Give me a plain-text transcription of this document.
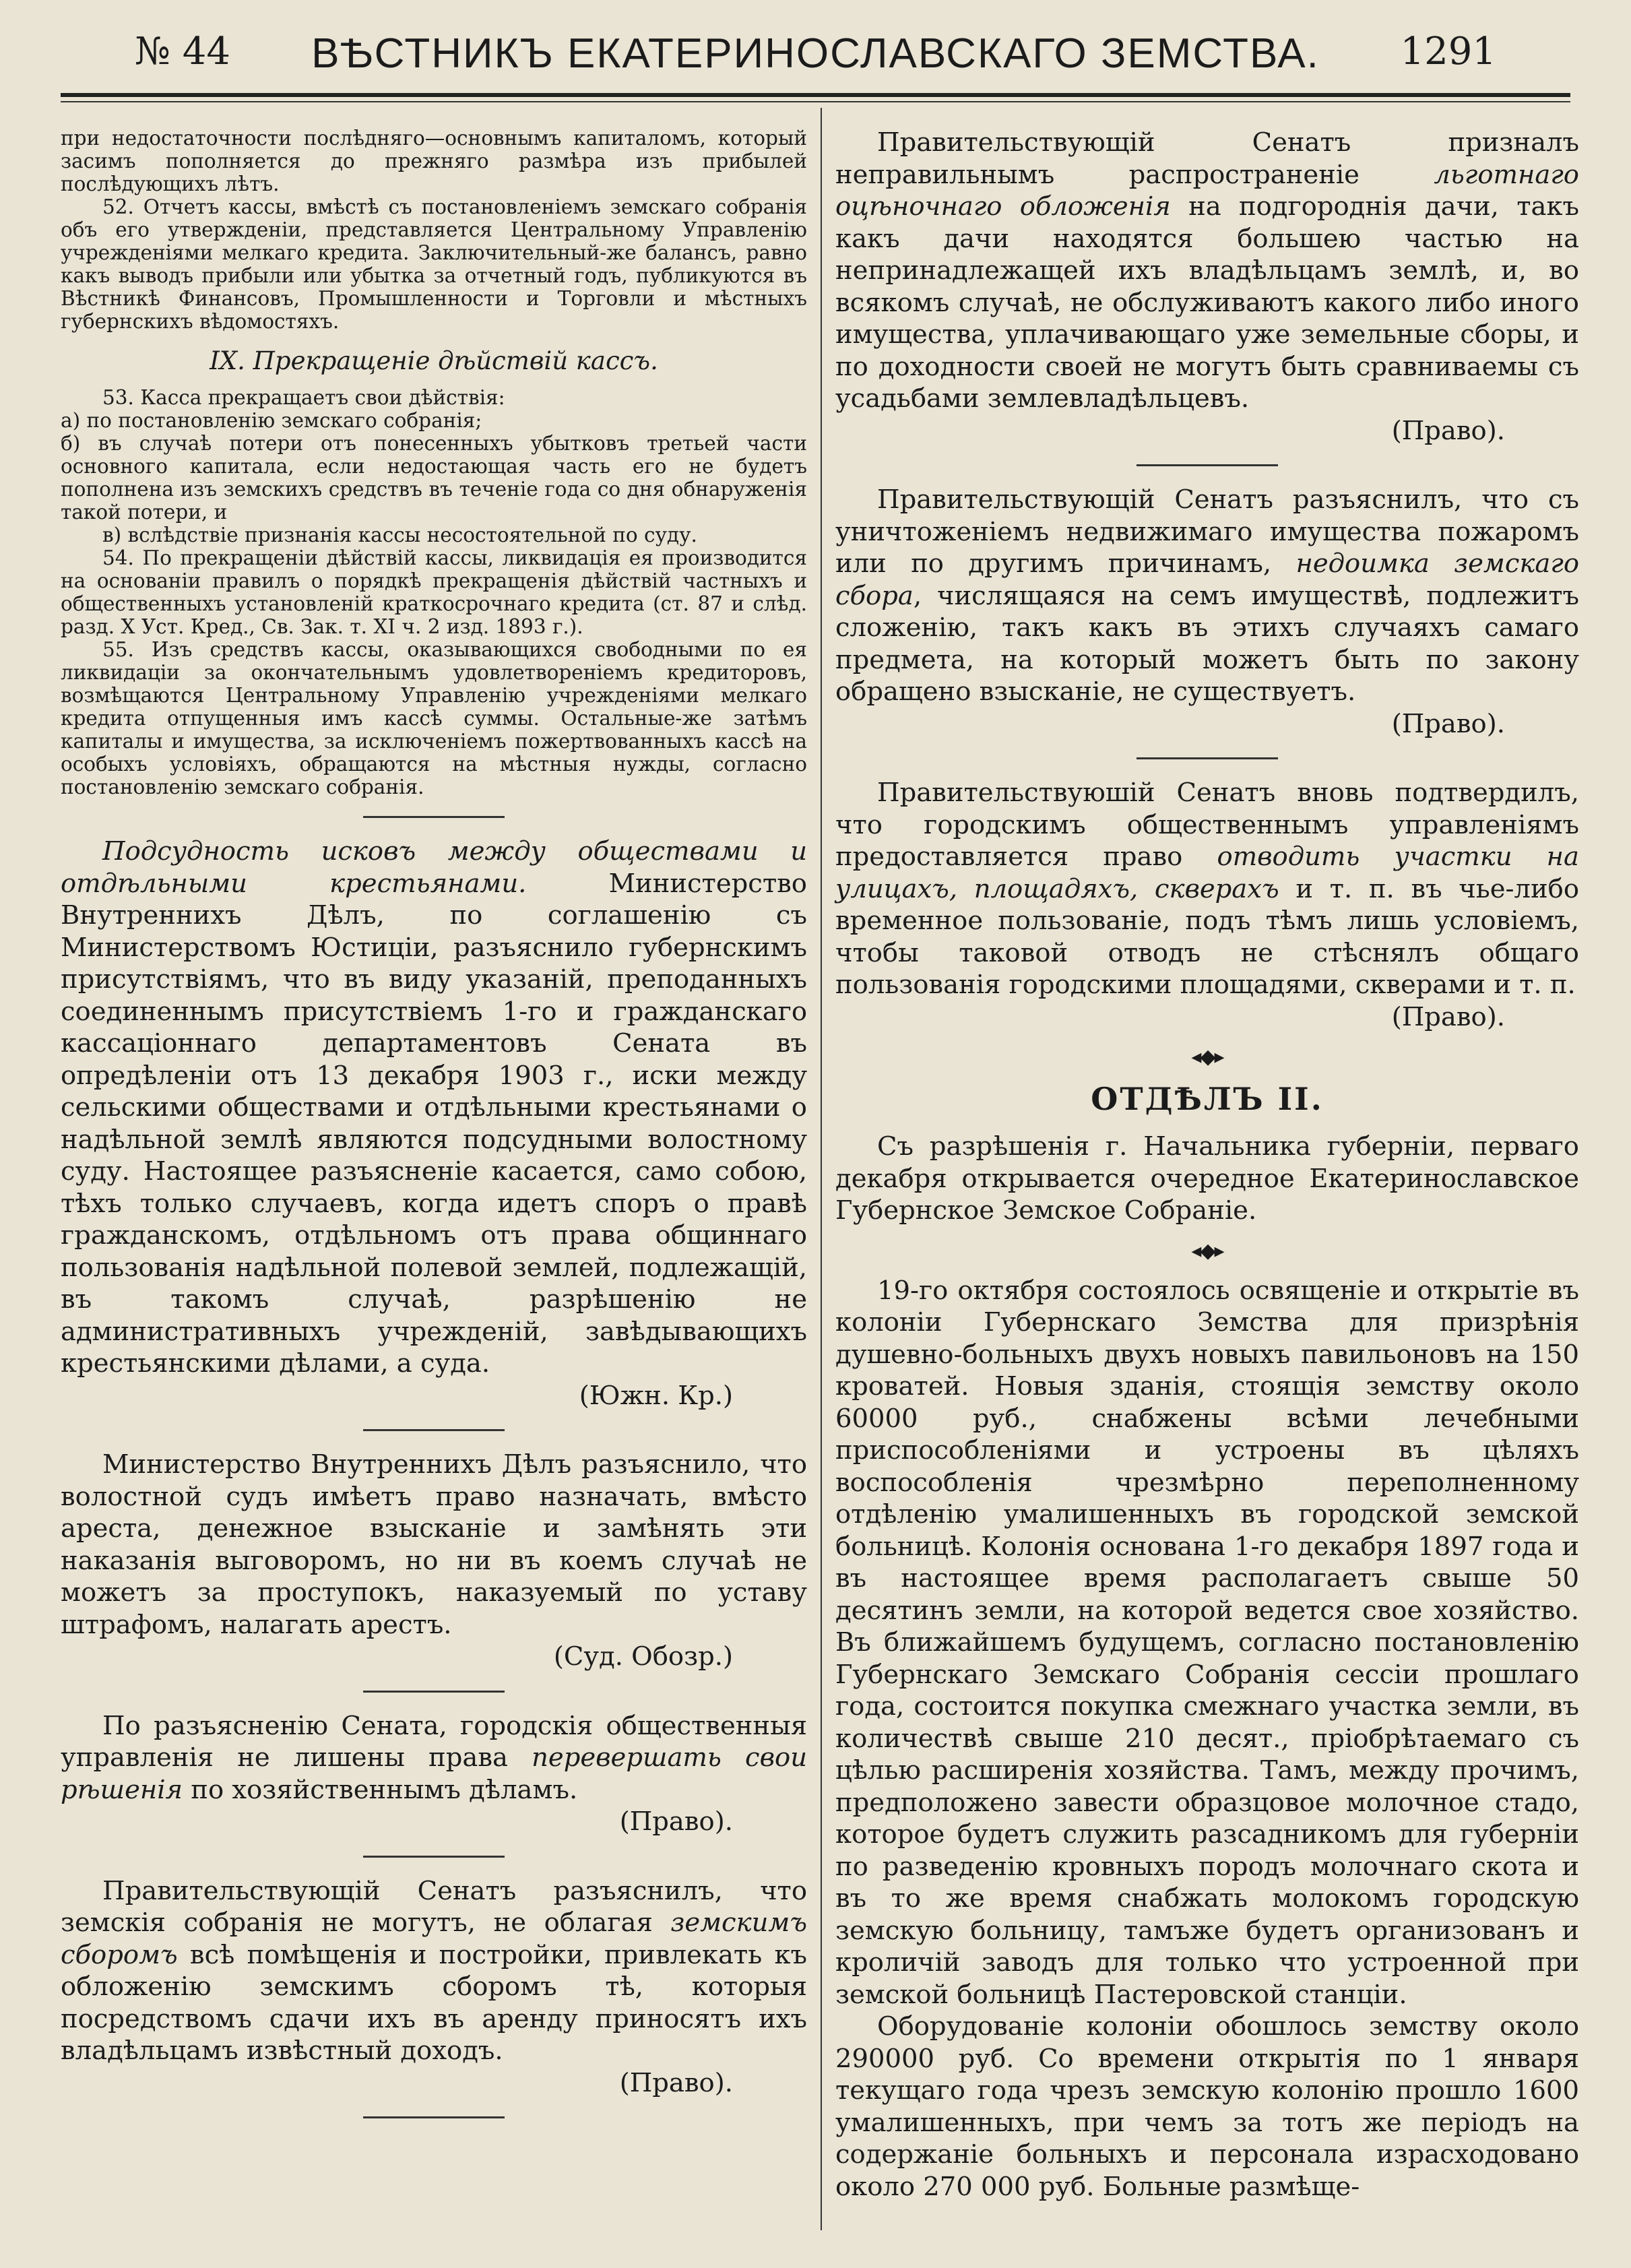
№ 44	ВѢСТНИКЪ ЕКАТЕРИНОСЛАВСКАГО ЗЕМСТВА.	1291

при недостаточности послѣдняго—основнымъ капиталомъ, который засимъ пополняется до прежняго размѣра изъ прибылей послѣдующихъ лѣтъ.

52. Отчетъ кассы, вмѣстѣ съ постановленіемъ земскаго собранія объ его утвержденіи, представляется Центральному Управленію учрежденіями мелкаго кредита. Заключительный-же балансъ, равно какъ выводъ прибыли или убытка за отчетный годъ, публикуются въ Вѣстникѣ Финансовъ, Промышленности и Торговли и мѣстныхъ губернскихъ вѣдомостяхъ.

IX. Прекращеніе дѣйствій кассъ.

53. Касса прекращаетъ свои дѣйствія:

а) по постановленію земскаго собранія;

б) въ случаѣ потери отъ понесенныхъ убытковъ третьей части основного капитала, если недостающая часть его не будетъ пополнена изъ земскихъ средствъ въ теченіе года со дня обнаруженія такой потери, и

в) вслѣдствіе признанія кассы несостоятельной по суду.

54. По прекращеніи дѣйствій кассы, ликвидація ея производится на основаніи правилъ о порядкѣ прекращенія дѣйствій частныхъ и общественныхъ установленій краткосрочнаго кредита (ст. 87 и слѣд. разд. X Уст. Кред., Св. Зак. т. XI ч. 2 изд. 1893 г.).

55. Изъ средствъ кассы, оказывающихся свободными по ея ликвидаціи за окончательнымъ удовлетвореніемъ кредиторовъ, возмѣщаются Центральному Управленію учрежденіями мелкаго кредита отпущенныя имъ кассѣ суммы. Остальные-же затѣмъ капиталы и имущества, за исключеніемъ пожертвованныхъ кассѣ на особыхъ условіяхъ, обращаются на мѣстныя нужды, согласно постановленію земскаго собранія.

Подсудность исковъ между обществами и отдѣльными крестьянами. Министерство Внутреннихъ Дѣлъ, по соглашенію съ Министерствомъ Юстиціи, разъяснило губернскимъ присутствіямъ, что въ виду указаній, преподанныхъ соединеннымъ присутствіемъ 1-го и гражданскаго кассаціоннаго департаментовъ Сената въ опредѣленіи отъ 13 декабря 1903 г., иски между сельскими обществами и отдѣльными крестьянами о надѣльной землѣ являются подсудными волостному суду. Настоящее разъясненіе касается, само собою, тѣхъ только случаевъ, когда идетъ споръ о правѣ гражданскомъ, отдѣльномъ отъ права общиннаго пользованія надѣльной полевой землей, подлежащій, въ такомъ случаѣ, разрѣшенію не административныхъ учрежденій, завѣдывающихъ крестьянскими дѣлами, а суда.

(Южн. Кр.)

Министерство Внутреннихъ Дѣлъ разъяснило, что волостной судъ имѣетъ право назначать, вмѣсто ареста, денежное взысканіе и замѣнять эти наказанія выговоромъ, но ни въ коемъ случаѣ не можетъ за проступокъ, наказуемый по уставу штрафомъ, налагать арестъ.

(Суд. Обозр.)

По разъясненію Сената, городскія общественныя управленія не лишены права перевершать свои рѣшенія по хозяйственнымъ дѣламъ.

(Право).

Правительствующій Сенатъ разъяснилъ, что земскія собранія не могутъ, не облагая земскимъ сборомъ всѣ помѣщенія и постройки, привлекать къ обложенію земскимъ сборомъ тѣ, которыя посредствомъ сдачи ихъ въ аренду приносятъ ихъ владѣльцамъ извѣстный доходъ.

(Право).

Правительствующій Сенатъ призналъ неправильнымъ распространеніе льготнаго оцѣночнаго обложенія на подгороднія дачи, такъ какъ дачи находятся большею частью на непринадлежащей ихъ владѣльцамъ землѣ, и, во всякомъ случаѣ, не обслуживаютъ какого либо иного имущества, уплачивающаго уже земельные сборы, и по доходности своей не могутъ быть сравниваемы съ усадьбами землевладѣльцевъ.

(Право).

Правительствующій Сенатъ разъяснилъ, что съ уничтоженіемъ недвижимаго имущества пожаромъ или по другимъ причинамъ, недоимка земскаго сбора, числящаяся на семъ имуществѣ, подлежитъ сложенію, такъ какъ въ этихъ случаяхъ самаго предмета, на который можетъ быть по закону обращено взысканіе, не существуетъ.

(Право).

Правительствуюшій Сенатъ вновь подтвердилъ, что городскимъ общественнымъ управленіямъ предоставляется право отводить участки на улицахъ, площадяхъ, скверахъ и т. п. въ чье-либо временное пользованіе, подъ тѣмъ лишь условіемъ, чтобы таковой отводъ не стѣснялъ общаго пользованія городскими площадями, скверами и т. п.

(Право).

◂◆▸
ОТДѢЛЪ II.

Съ разрѣшенія г. Начальника губерніи, перваго декабря открывается очередное Екатеринославское Губернское Земское Собраніе.

◂◆▸

19-го октября состоялось освященіе и открытіе въ колоніи Губернскаго Земства для призрѣнія душевно-больныхъ двухъ новыхъ павильоновъ на 150 кроватей. Новыя зданія, стоящія земству около 60000 руб., снабжены всѣми лечебными приспособленіями и устроены въ цѣляхъ воспособленія чрезмѣрно переполненному отдѣленію умалишенныхъ въ городской земской больницѣ. Колонія основана 1-го декабря 1897 года и въ настоящее время располагаетъ свыше 50 десятинъ земли, на которой ведется свое хозяйство. Въ ближайшемъ будущемъ, согласно постановленію Губернскаго Земскаго Собранія сессіи прошлаго года, состоится покупка смежнаго участка земли, въ количествѣ свыше 210 десят., пріобрѣтаемаго съ цѣлью расширенія хозяйства. Тамъ, между прочимъ, предположено завести образцовое молочное стадо, которое будетъ служить разсадникомъ для губерніи по разведенію кровныхъ породъ молочнаго скота и въ то же время снабжать молокомъ городскую земскую больницу, тамъже будетъ организованъ и кроличій заводъ для только что устроенной при земской больницѣ Пастеровской станціи.

Оборудованіе колоніи обошлось земству около 290000 руб. Со времени открытія по 1 января текущаго года чрезъ земскую колонію прошло 1600 умалишенныхъ, при чемъ за тотъ же періодъ на содержаніе больныхъ и персонала израсходовано около 270 000 руб. Больные размѣще-
